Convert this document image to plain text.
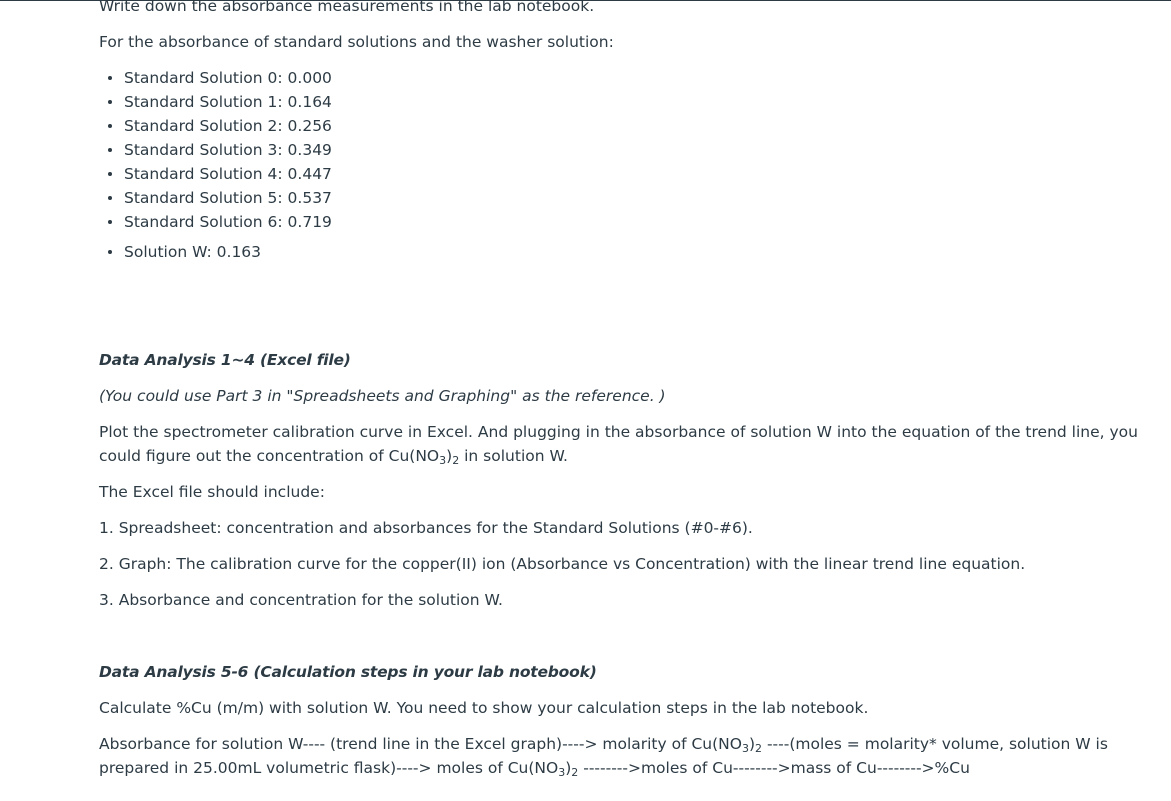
Write down the absorbance measurements in the lab notebook.

For the absorbance of standard solutions and the washer solution:

Standard Solution 0: 0.000
Standard Solution 1: 0.164
Standard Solution 2: 0.256
Standard Solution 3: 0.349
Standard Solution 4: 0.447
Standard Solution 5: 0.537
Standard Solution 6: 0.719
Solution W: 0.163

Data Analysis 1~4 (Excel file)

(You could use Part 3 in "Spreadsheets and Graphing" as the reference. )

Plot the spectrometer calibration curve in Excel. And plugging in the absorbance of solution W into the equation of the trend line, you could figure out the concentration of $Cu(NO_3)_2$ in solution W.

The Excel file should include:

1. Spreadsheet: concentration and absorbances for the Standard Solutions (#0-#6).

2. Graph: The calibration curve for the copper(II) ion (Absorbance vs Concentration) with the linear trend line equation.

3. Absorbance and concentration for the solution W.

Data Analysis 5-6 (Calculation steps in your lab notebook)

Calculate %Cu (m/m) with solution W. You need to show your calculation steps in the lab notebook.

Absorbance for solution W---- (trend line in the Excel graph)----> molarity of $Cu(NO_3)_2$ ----(moles = molarity* volume, solution W is prepared in 25.00mL volumetric flask)----> moles of $Cu(NO_3)_2$ -------->moles of Cu-------->mass of Cu-------->%Cu
